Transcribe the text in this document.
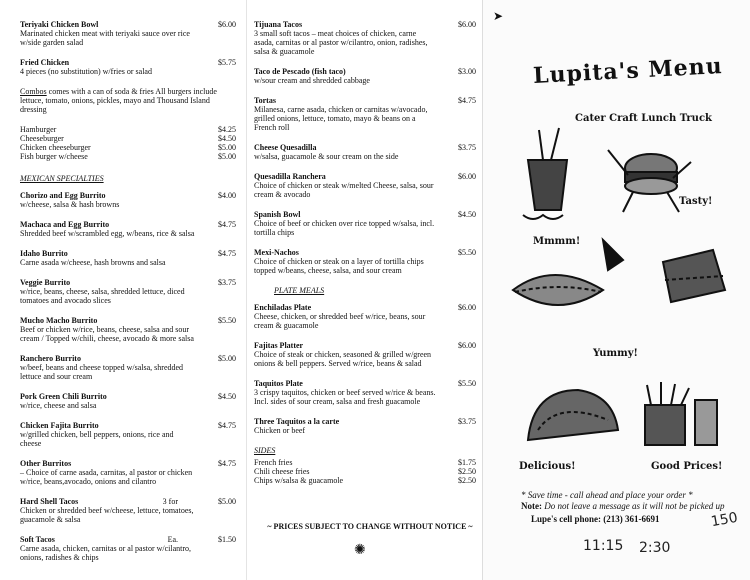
Teriyaki Chicken Bowl
Marinated chicken meat with teriyaki sauce over rice w/side garden salad
$6.00
Fried Chicken
4 pieces (no substitution) w/fries or salad
$5.75
Combos comes with a can of soda & fries All burgers include lettuce, tomato, onions, pickles, mayo and Thousand Island dressing
Hamburger	$4.25
Cheeseburger	$4.50
Chicken cheeseburger	$5.00
Fish burger w/cheese	$5.00
MEXICAN SPECIALTIES
Chorizo and Egg Burrito
w/cheese, salsa & hash browns
$4.00
Machaca and Egg Burrito
Shredded beef w/scrambled egg, w/beans, rice & salsa
$4.75
Idaho Burrito
Carne asada w/cheese, hash browns and salsa
$4.75
Veggie Burrito
w/rice, beans, cheese, salsa, shredded lettuce, diced tomatoes and avocado slices
$3.75
Mucho Macho Burrito
Beef or chicken w/rice, beans, cheese, salsa and sour cream / Topped w/chili, cheese, avocado & more salsa
$5.50
Ranchero Burrito
w/beef, beans and cheese topped w/salsa, shredded lettuce and sour cream
$5.00
Pork Green Chili Burrito
w/rice, cheese and salsa
$4.50
Chicken Fajita Burrito
w/grilled chicken, bell peppers, onions, rice and cheese
$4.75
Other Burritos
– Choice of carne asada, carnitas, al pastor or chicken w/rice, beans,avocado, onions and cilantro
$4.75
Hard Shell Tacos	3 for
Chicken or shredded beef w/cheese, lettuce, tomatoes, guacamole & salsa
$5.00
Soft Tacos	Ea.
Carne asada, chicken, carnitas or al pastor w/cilantro, onions, radishes & chips
$1.50
Tijuana Tacos
3 small soft tacos – meat choices of chicken, carne asada, carnitas or al pastor w/cilantro, onion, radishes, salsa & guacamole
$6.00
Taco de Pescado (fish taco)
w/sour cream and shredded cabbage
$3.00
Tortas
Milanesa, carne asada, chicken or carnitas w/avocado, grilled onions, lettuce, tomato, mayo & beans on a French roll
$4.75
Cheese Quesadilla
w/salsa, guacamole & sour cream on the side
$3.75
Quesadilla Ranchera
Choice of chicken or steak w/melted Cheese, salsa, sour cream & avocado
$6.00
Spanish Bowl
Choice of beef or chicken over rice topped w/salsa, incl. tortilla chips
$4.50
Mexi-Nachos
Choice of chicken or steak on a layer of tortilla chips topped w/beans, cheese, salsa, and sour cream
$5.50
PLATE MEALS
Enchiladas Plate
Cheese, chicken, or shredded beef w/rice, beans, sour cream & guacamole
$6.00
Fajitas Platter
Choice of steak or chicken, seasoned & grilled w/green onions & bell peppers. Served w/rice, beans & salad
$6.00
Taquitos Plate
3 crispy taquitos, chicken or beef served w/rice & beans. Incl. sides of sour cream, salsa and fresh guacamole
$5.50
Three Taquitos a la carte
Chicken or beef
$3.75
SIDES
French fries	$1.75
Chili cheese fries	$2.50
Chips w/salsa & guacamole	$2.50
~ PRICES SUBJECT TO CHANGE WITHOUT NOTICE ~
✺
Lupita's Menu
Cater Craft Lunch Truck
➤
Tasty!
Mmmm!
Yummy!
Delicious!	Good Prices!
* Save time - call ahead and place your order *
Note: Do not leave a message as it will not be picked up
Lupe's cell phone: (213) 361-6691
11:15 2:30
150
